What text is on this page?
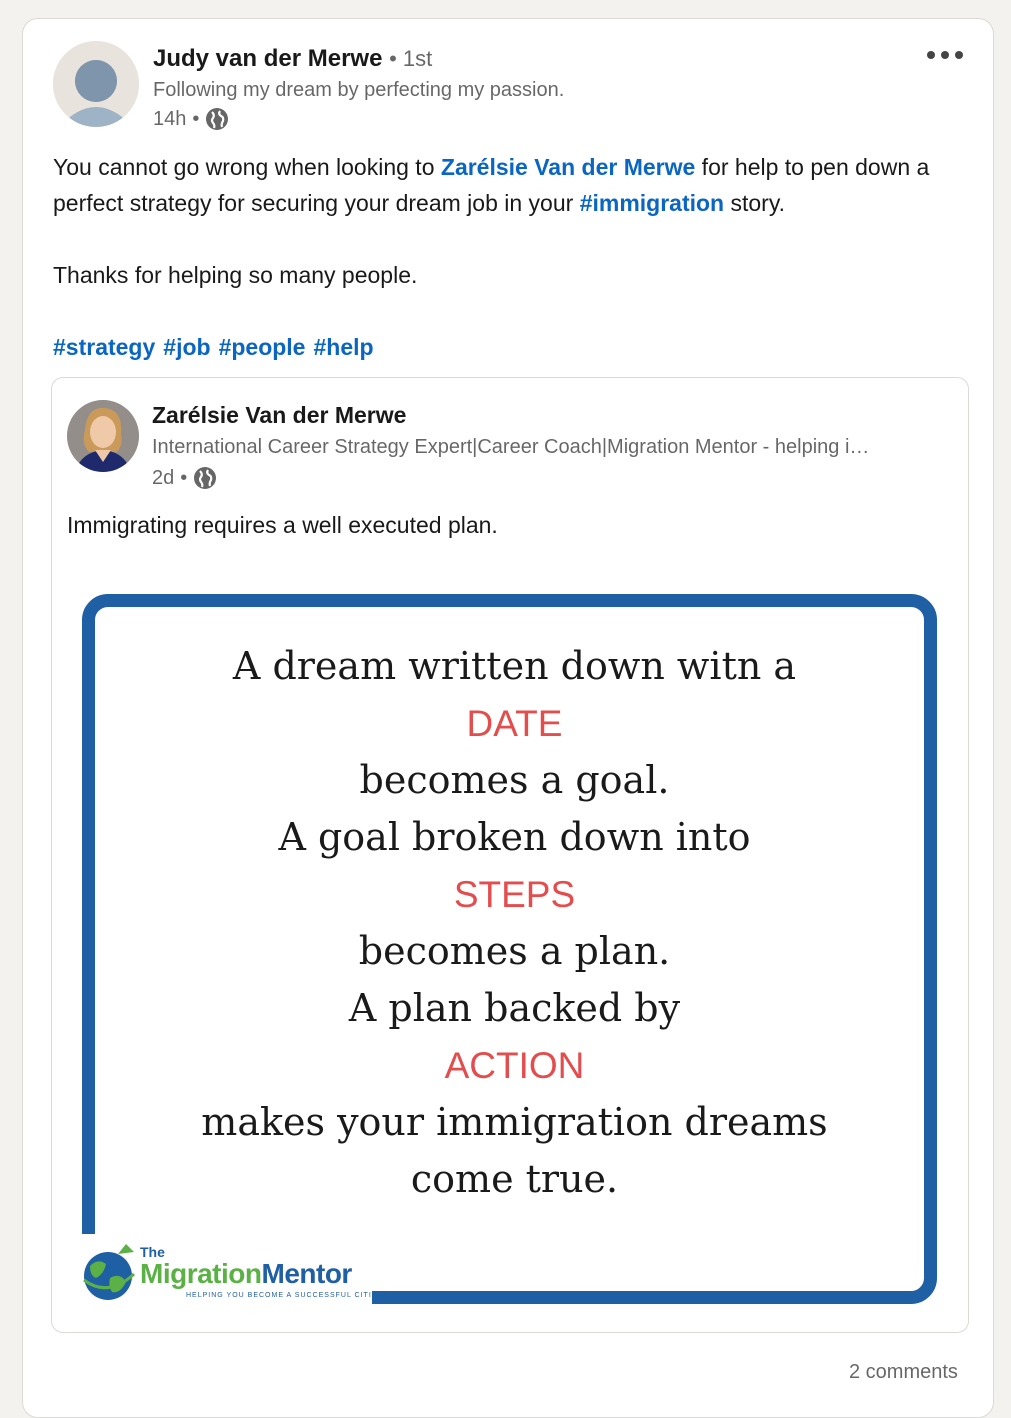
Judy van der Merwe • 1st
Following my dream by perfecting my passion.
14h •

You cannot go wrong when looking to Zarélsie Van der Merwe for help to pen down a perfect strategy for securing your dream job in your #immigration story.

Thanks for helping so many people.

#strategy #job #people #help

Zarélsie Van der Merwe
International Career Strategy Expert|Career Coach|Migration Mentor - helping i…
2d •
Immigrating requires a well executed plan.
A dream written down witn a
DATE
becomes a goal.
A goal broken down into
STEPS
becomes a plan.
A plan backed by
ACTION
makes your immigration dreams
come true.
The
MigrationMentor
HELPING YOU BECOME A SUCCESSFUL CITIZEN
2 comments
